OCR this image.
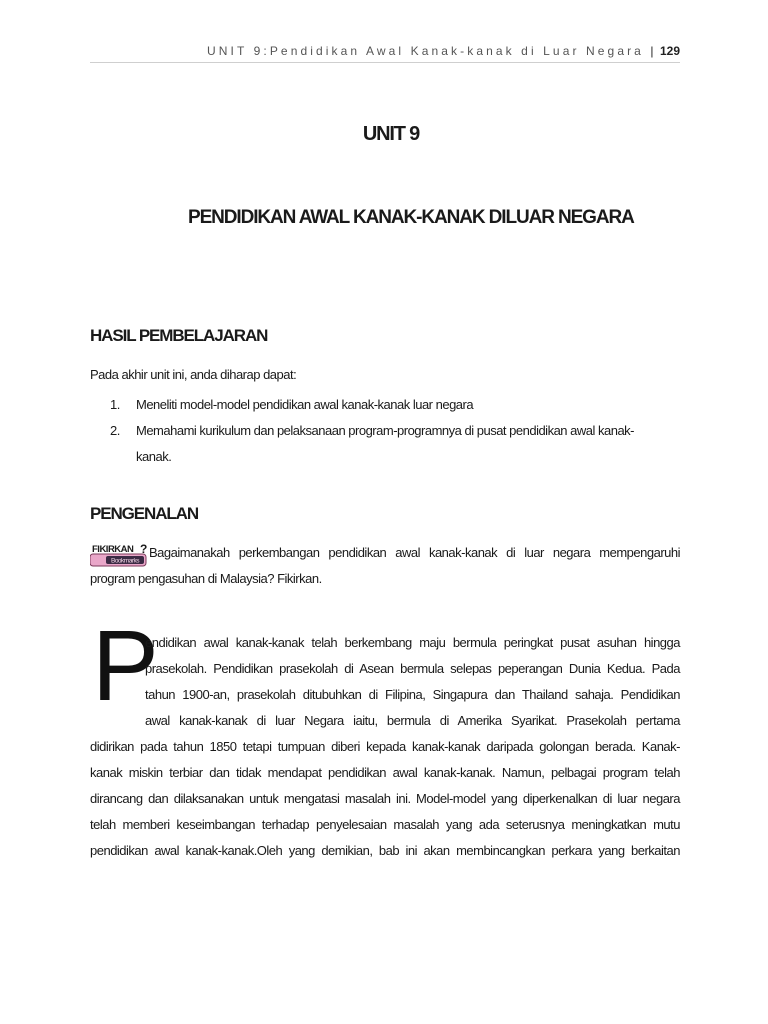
UNIT 9:Pendidikan Awal Kanak-kanak di Luar Negara | 129
UNIT 9
PENDIDIKAN AWAL KANAK-KANAK DILUAR NEGARA
HASIL PEMBELAJARAN
Pada akhir unit ini, anda diharap dapat:
1. Meneliti model-model pendidikan awal kanak-kanak luar negara
2. Memahami kurikulum dan pelaksanaan program-programnya di pusat pendidikan awal kanak-
kanak.
PENGENALAN
Bookmarks
FIKIRKAN ? Bagaimanakah perkembangan pendidikan awal kanak-kanak di luar negara mempengaruhi program pengasuhan di Malaysia? Fikirkan.
P
endidikan awal kanak-kanak telah berkembang maju bermula peringkat pusat asuhan hingga
prasekolah. Pendidikan prasekolah di Asean bermula selepas peperangan Dunia Kedua. Pada
tahun 1900-an, prasekolah ditubuhkan di Filipina, Singapura dan Thailand sahaja. Pendidikan
awal kanak-kanak di luar Negara iaitu, bermula di Amerika Syarikat. Prasekolah pertama
didirikan pada tahun 1850 tetapi tumpuan diberi kepada kanak-kanak daripada golongan berada. Kanak-
kanak miskin terbiar dan tidak mendapat pendidikan awal kanak-kanak. Namun, pelbagai program telah
dirancang dan dilaksanakan untuk mengatasi masalah ini. Model-model yang diperkenalkan di luar negara
telah memberi keseimbangan terhadap penyelesaian masalah yang ada seterusnya meningkatkan mutu
pendidikan awal kanak-kanak.Oleh yang demikian, bab ini akan membincangkan perkara yang berkaitan
